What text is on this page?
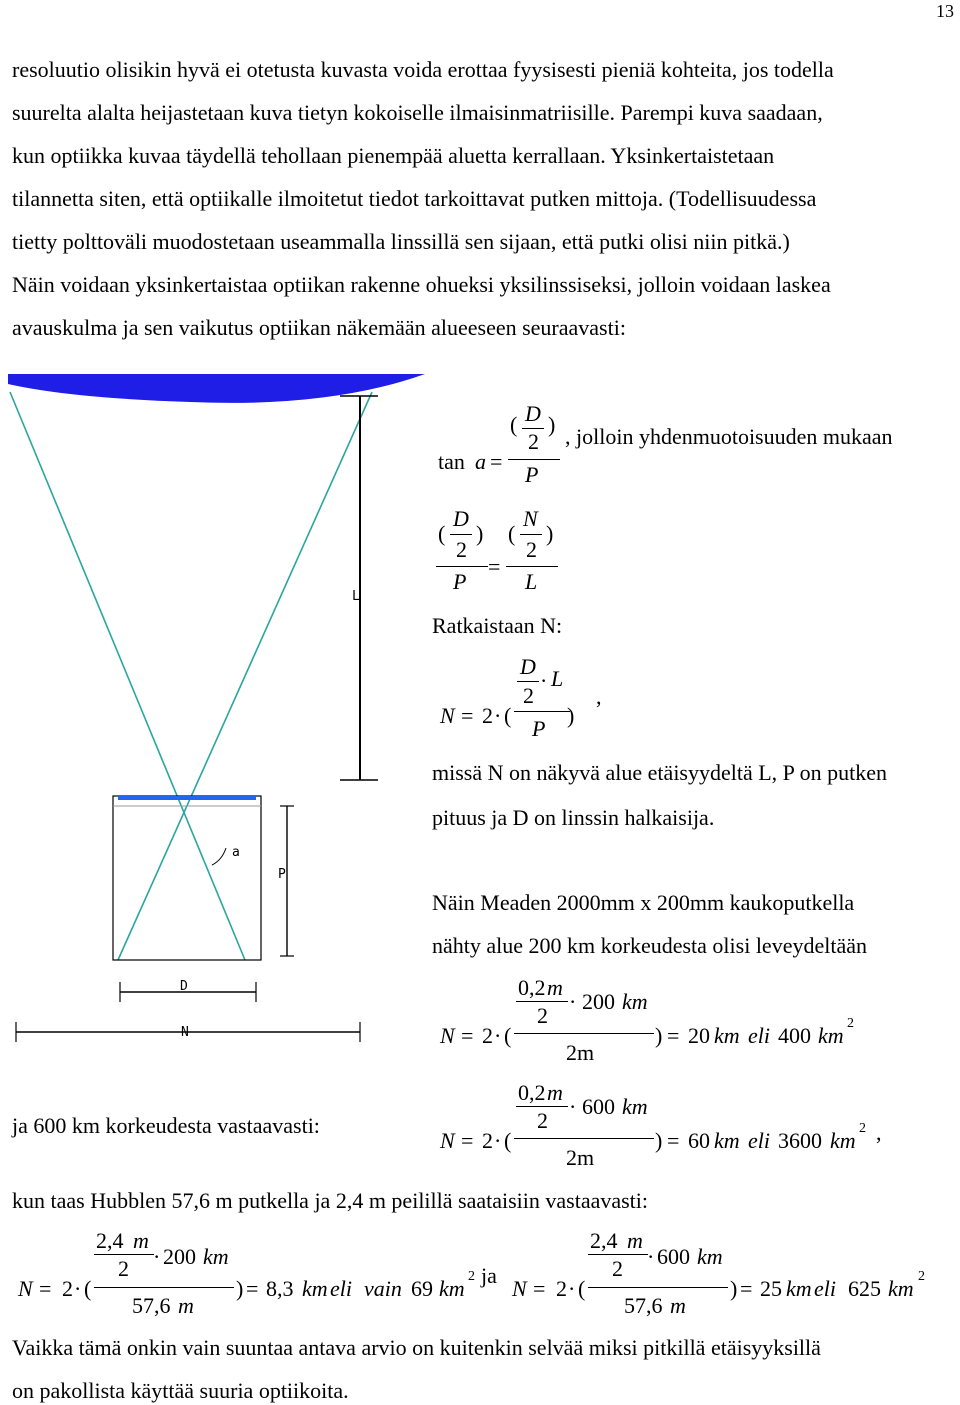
13
resoluutio olisikin hyvä ei otetusta kuvasta voida erottaa fyysisesti pieniä kohteita, jos todella
suurelta alalta heijastetaan kuva tietyn kokoiselle ilmaisinmatriisille. Parempi kuva saadaan,
kun optiikka kuvaa täydellä tehollaan pienempää aluetta kerrallaan. Yksinkertaistetaan
tilannetta siten, että optiikalle ilmoitetut tiedot tarkoittavat putken mittoja. (Todellisuudessa
tietty polttoväli muodostetaan useammalla linssillä sen sijaan, että putki olisi niin pitkä.)
Näin voidaan yksinkertaistaa optiikan rakenne ohueksi yksilinssiseksi, jolloin voidaan laskea
avauskulma ja sen vaikutus optiikan näkemään alueeseen seuraavasti:
L
a
P
D
N
tan a =
( D
2
)
P
, jolloin yhdenmuotoisuuden mukaan
(
D
2
)
P
=
(
N
2
)
L
Ratkaistaan N:
N = 2 · (
D
2
· L
P
)
,
missä N on näkyvä alue etäisyydeltä L, P on putken
pituus ja D on linssin halkaisija.
Näin Meaden 2000mm x 200mm kaukoputkella
nähty alue 200 km korkeudesta olisi leveydeltään
N = 2 · (
0,2 m
2
· 200 km
2m
) = 20 km eli 400 km 2
ja 600 km korkeudesta vastaavasti:
N = 2 · (
0,2 m
2
· 600 km
2m
) = 60 km eli 3600 km 2 ,
kun taas Hubblen 57,6 m putkella ja 2,4 m peilillä saataisiin vastaavasti:
N = 2 · (
2,4 m
2 · 200 km
57,6 m
) = 8,3 km eli vain 69 km 2 ja
N = 2 · (
2,4 m
2 · 600 km
57,6 m
) = 25 km eli 625 km 2
Vaikka tämä onkin vain suuntaa antava arvio on kuitenkin selvää miksi pitkillä etäisyyksillä
on pakollista käyttää suuria optiikoita.
